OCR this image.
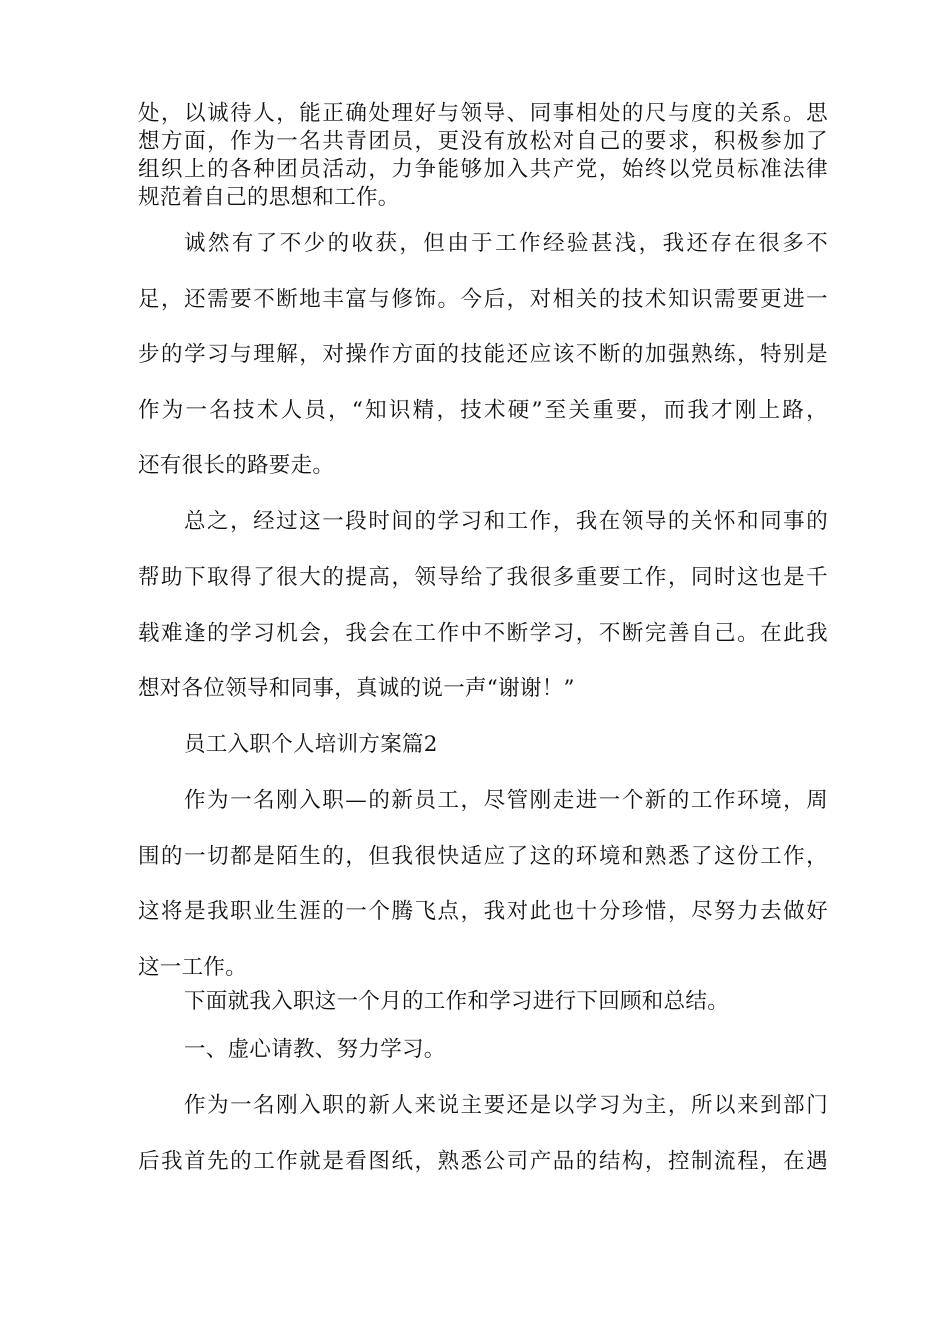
处，以诚待人，能正确处理好与领导、同事相处的尺与度的关系。思
想方面，作为一名共青团员，更没有放松对自己的要求，积极参加了
组织上的各种团员活动，力争能够加入共产党，始终以党员标准法律
规范着自己的思想和工作。
诚然有了不少的收获，但由于工作经验甚浅，我还存在很多不
足，还需要不断地丰富与修饰。今后，对相关的技术知识需要更进一
步的学习与理解，对操作方面的技能还应该不断的加强熟练，特别是
作为一名技术人员，“知识精，技术硬”至关重要，而我才刚上路，
还有很长的路要走。
总之，经过这一段时间的学习和工作，我在领导的关怀和同事的
帮助下取得了很大的提高，领导给了我很多重要工作，同时这也是千
载难逢的学习机会，我会在工作中不断学习，不断完善自己。在此我
想对各位领导和同事，真诚的说一声“谢谢！”
员工入职个人培训方案篇2
作为一名刚入职—的新员工，尽管刚走进一个新的工作环境，周
围的一切都是陌生的，但我很快适应了这的环境和熟悉了这份工作，
这将是我职业生涯的一个腾飞点，我对此也十分珍惜，尽努力去做好
这一工作。
下面就我入职这一个月的工作和学习进行下回顾和总结。
一、虚心请教、努力学习。
作为一名刚入职的新人来说主要还是以学习为主，所以来到部门
后我首先的工作就是看图纸，熟悉公司产品的结构，控制流程，在遇
